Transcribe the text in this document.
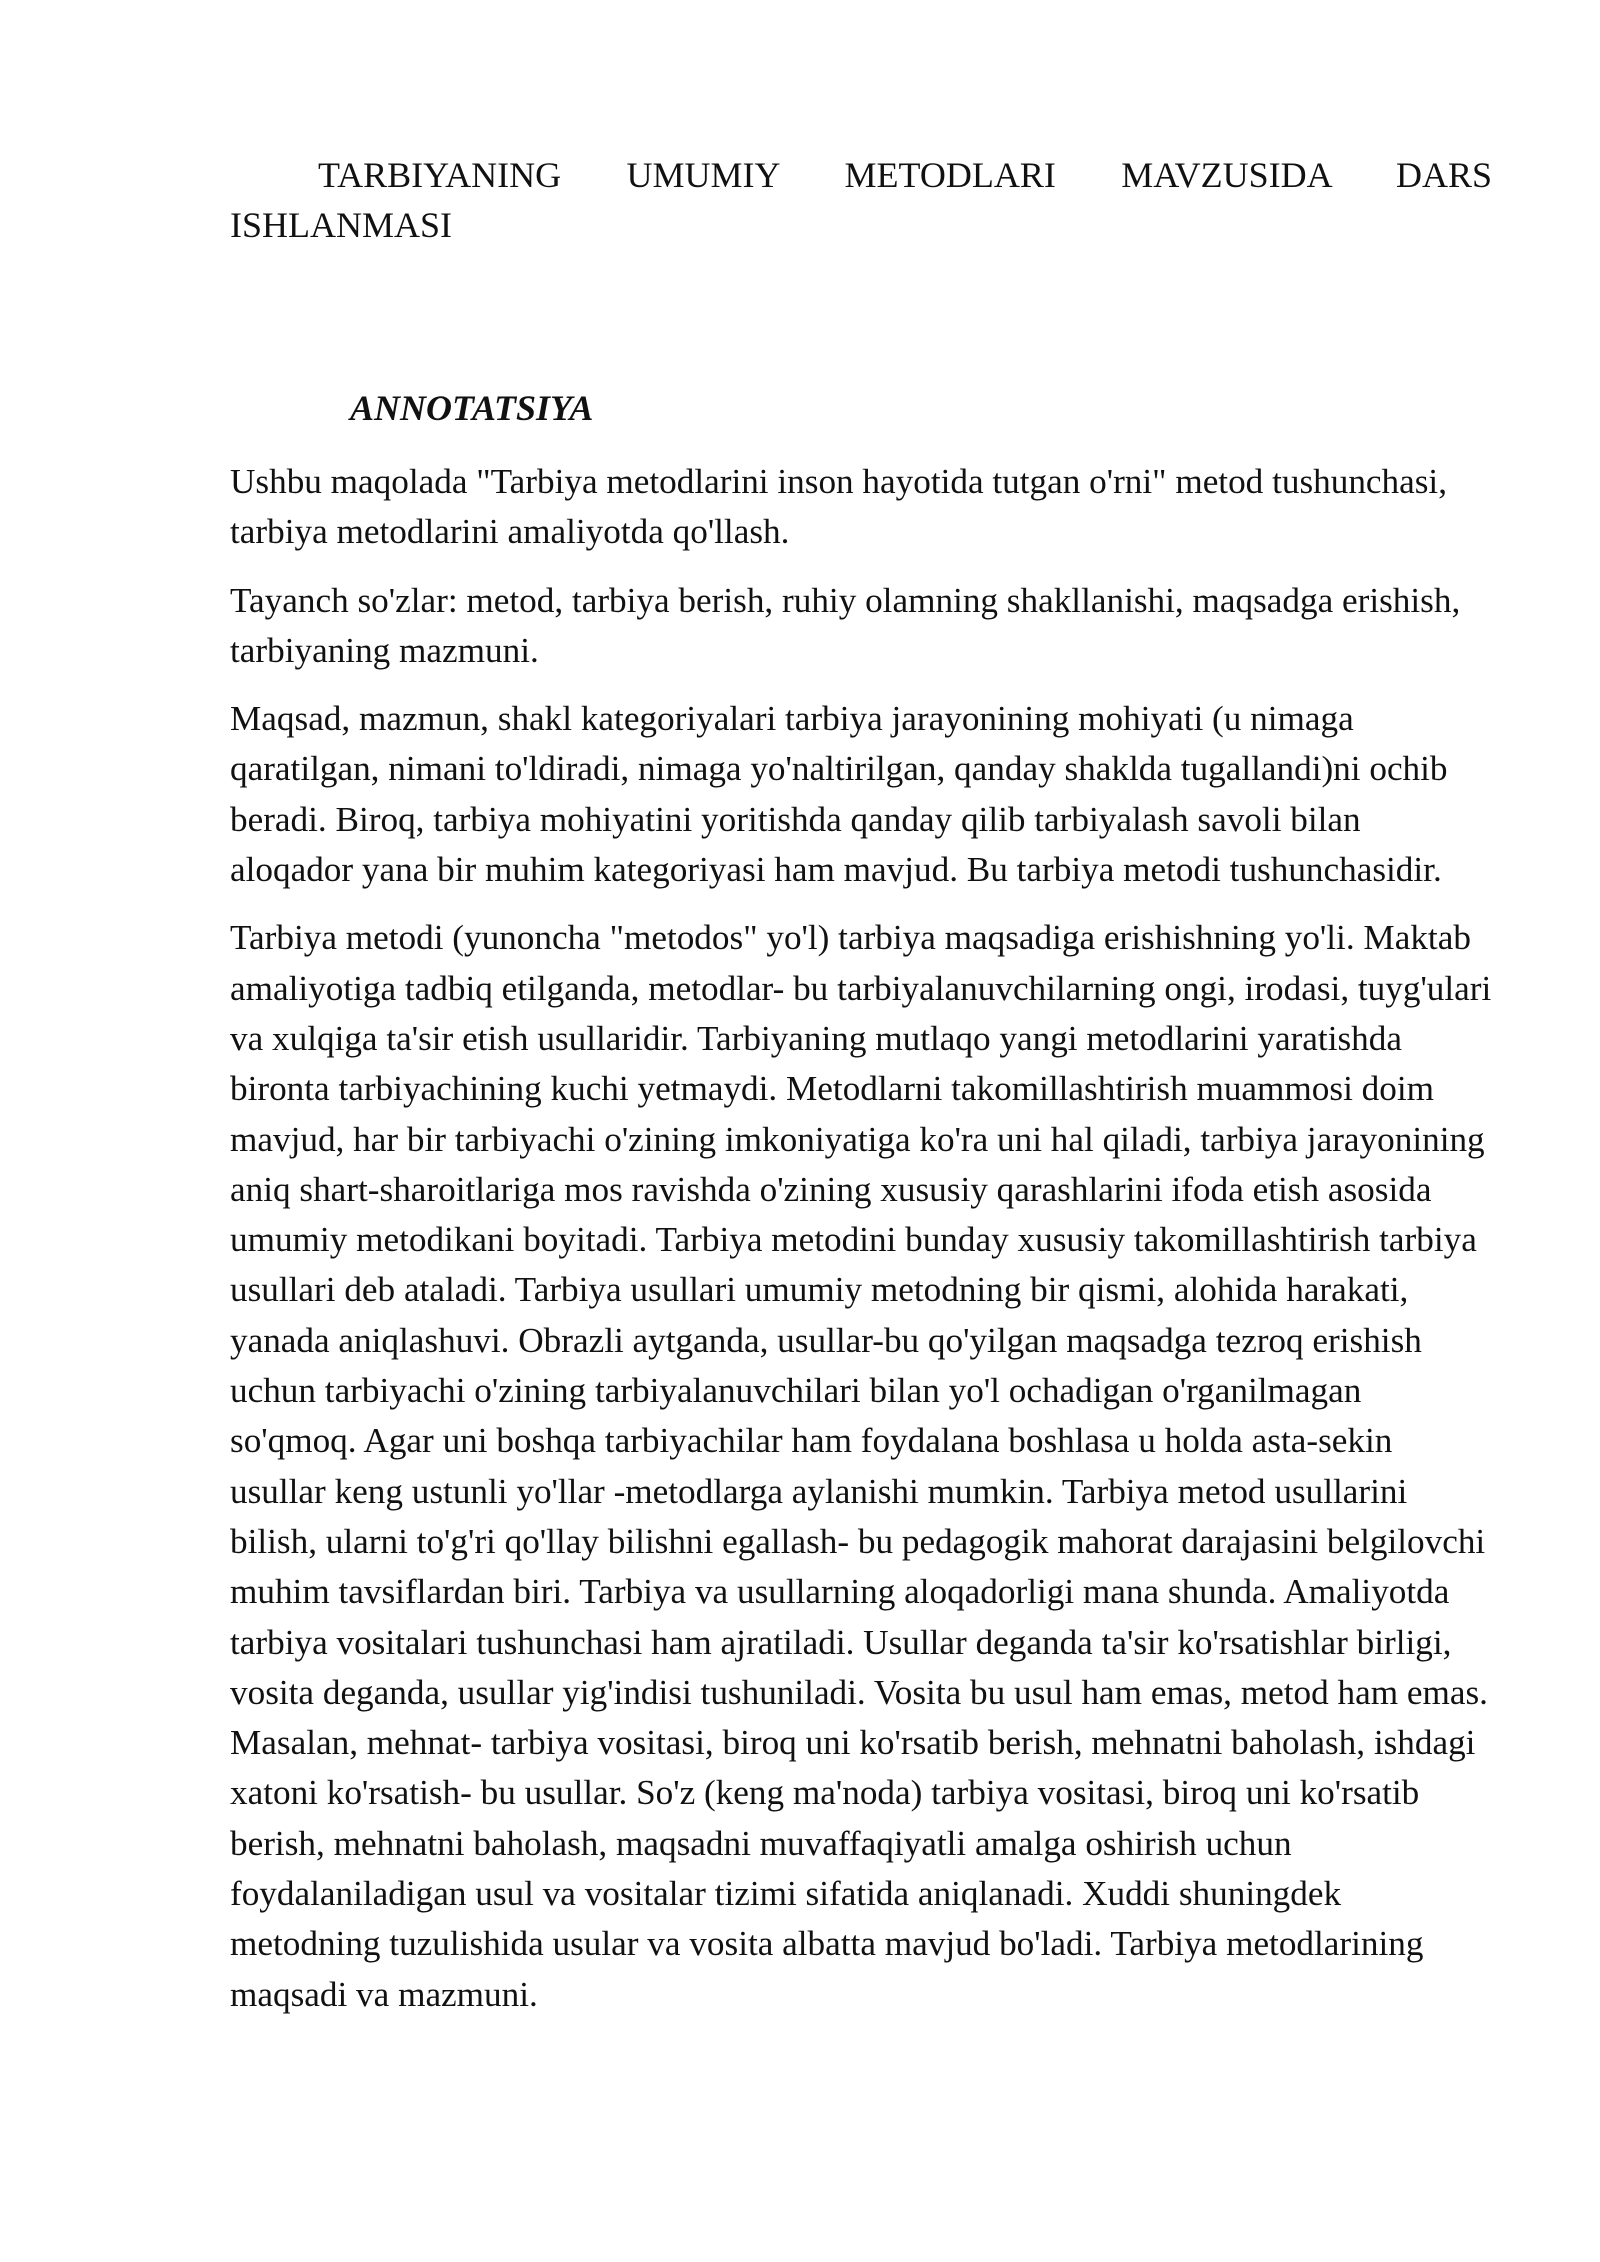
TARBIYANING UMUMIY METODLARI MAVZUSIDA DARS ISHLANMASI
ANNOTATSIYA

Ushbu maqolada "Tarbiya metodlarini inson hayotida tutgan o'rni" metod tushunchasi, tarbiya metodlarini amaliyotda qo'llash.

Tayanch so'zlar: metod, tarbiya berish, ruhiy olamning shakllanishi, maqsadga erishish, tarbiyaning mazmuni.

Maqsad, mazmun, shakl kategoriyalari tarbiya jarayonining mohiyati (u nimaga qaratilgan, nimani to'ldiradi, nimaga yo'naltirilgan, qanday shaklda tugallandi)ni ochib beradi. Biroq, tarbiya mohiyatini yoritishda qanday qilib tarbiyalash savoli bilan aloqador yana bir muhim kategoriyasi ham mavjud. Bu tarbiya metodi tushunchasidir.

Tarbiya metodi (yunoncha "metodos" yo'l) tarbiya maqsadiga erishishning yo'li. Maktab amaliyotiga tadbiq etilganda, metodlar- bu tarbiyalanuvchilarning ongi, irodasi, tuyg'ulari va xulqiga ta'sir etish usullaridir. Tarbiyaning mutlaqo yangi metodlarini yaratishda bironta tarbiyachining kuchi yetmaydi. Metodlarni takomillashtirish muammosi doim mavjud, har bir tarbiyachi o'zining imkoniyatiga ko'ra uni hal qiladi, tarbiya jarayonining aniq shart-sharoitlariga mos ravishda o'zining xususiy qarashlarini ifoda etish asosida umumiy metodikani boyitadi. Tarbiya metodini bunday xususiy takomillashtirish tarbiya usullari deb ataladi. Tarbiya usullari umumiy metodning bir qismi, alohida harakati, yanada aniqlashuvi. Obrazli aytganda, usullar-bu qo'yilgan maqsadga tezroq erishish uchun tarbiyachi o'zining tarbiyalanuvchilari bilan yo'l ochadigan o'rganilmagan so'qmoq. Agar uni boshqa tarbiyachilar ham foydalana boshlasa u holda asta-sekin usullar keng ustunli yo'llar -metodlarga aylanishi mumkin. Tarbiya metod usullarini bilish, ularni to'g'ri qo'llay bilishni egallash- bu pedagogik mahorat darajasini belgilovchi muhim tavsiflardan biri. Tarbiya va usullarning aloqadorligi mana shunda. Amaliyotda tarbiya vositalari tushunchasi ham ajratiladi. Usullar deganda ta'sir ko'rsatishlar birligi, vosita deganda, usullar yig'indisi tushuniladi. Vosita bu usul ham emas, metod ham emas. Masalan, mehnat- tarbiya vositasi, biroq uni ko'rsatib berish, mehnatni baholash, ishdagi xatoni ko'rsatish- bu usullar. So'z (keng ma'noda) tarbiya vositasi, biroq uni ko'rsatib berish, mehnatni baholash, maqsadni muvaffaqiyatli amalga oshirish uchun foydalaniladigan usul va vositalar tizimi sifatida aniqlanadi. Xuddi shuningdek metodning tuzulishida usular va vosita albatta mavjud bo'ladi. Tarbiya metodlarining maqsadi va mazmuni.
